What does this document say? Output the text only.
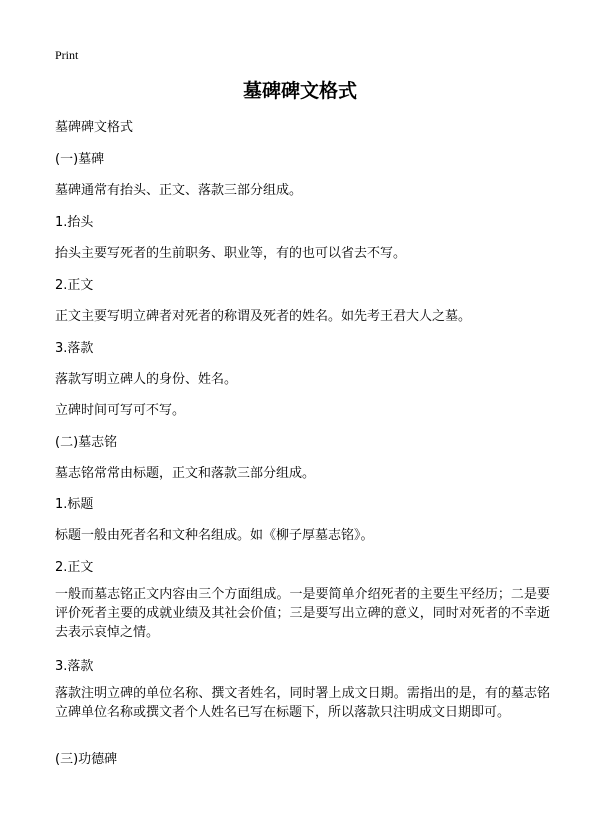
Print
墓碑碑文格式

墓碑碑文格式

(一)墓碑

墓碑通常有抬头、正文、落款三部分组成。

1.抬头

抬头主要写死者的生前职务、职业等，有的也可以省去不写。

2.正文

正文主要写明立碑者对死者的称谓及死者的姓名。如先考王君大人之墓。

3.落款

落款写明立碑人的身份、姓名。

立碑时间可写可不写。

(二)墓志铭

墓志铭常常由标题，正文和落款三部分组成。

1.标题

标题一般由死者名和文种名组成。如《柳子厚墓志铭》。

2.正文

一般而墓志铭正文内容由三个方面组成。一是要简单介绍死者的主要生平经历；二是要评价死者主要的成就业绩及其社会价值；三是要写出立碑的意义，同时对死者的不幸逝去表示哀悼之情。

3.落款

落款注明立碑的单位名称、撰文者姓名，同时署上成文日期。需指出的是，有的墓志铭立碑单位名称或撰文者个人姓名已写在标题下，所以落款只注明成文日期即可。

(三)功德碑
